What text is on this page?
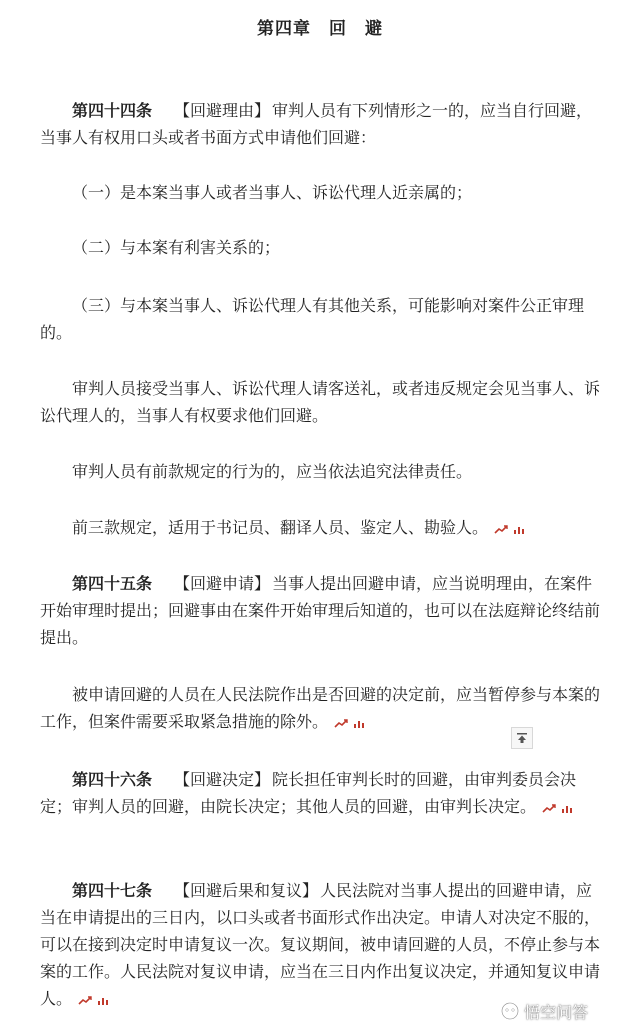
第四章 回　避

第四十四条 【回避理由】 审判人员有下列情形之一的，应当自行回避，当事人有权用口头或者书面方式申请他们回避：

（一）是本案当事人或者当事人、诉讼代理人近亲属的；

（二）与本案有利害关系的；

（三）与本案当事人、诉讼代理人有其他关系，可能影响对案件公正审理的。

审判人员接受当事人、诉讼代理人请客送礼，或者违反规定会见当事人、诉讼代理人的，当事人有权要求他们回避。

审判人员有前款规定的行为的，应当依法追究法律责任。

前三款规定，适用于书记员、翻译人员、鉴定人、勘验人。

第四十五条 【回避申请】 当事人提出回避申请，应当说明理由，在案件开始审理时提出；回避事由在案件开始审理后知道的，也可以在法庭辩论终结前提出。

被申请回避的人员在人民法院作出是否回避的决定前，应当暂停参与本案的工作，但案件需要采取紧急措施的除外。

第四十六条 【回避决定】 院长担任审判长时的回避，由审判委员会决定；审判人员的回避，由院长决定；其他人员的回避，由审判长决定。

第四十七条 【回避后果和复议】 人民法院对当事人提出的回避申请，应当在申请提出的三日内，以口头或者书面形式作出决定。申请人对决定不服的，可以在接到决定时申请复议一次。复议期间，被申请回避的人员，不停止参与本案的工作。人民法院对复议申请，应当在三日内作出复议决定，并通知复议申请人。

悟空问答
